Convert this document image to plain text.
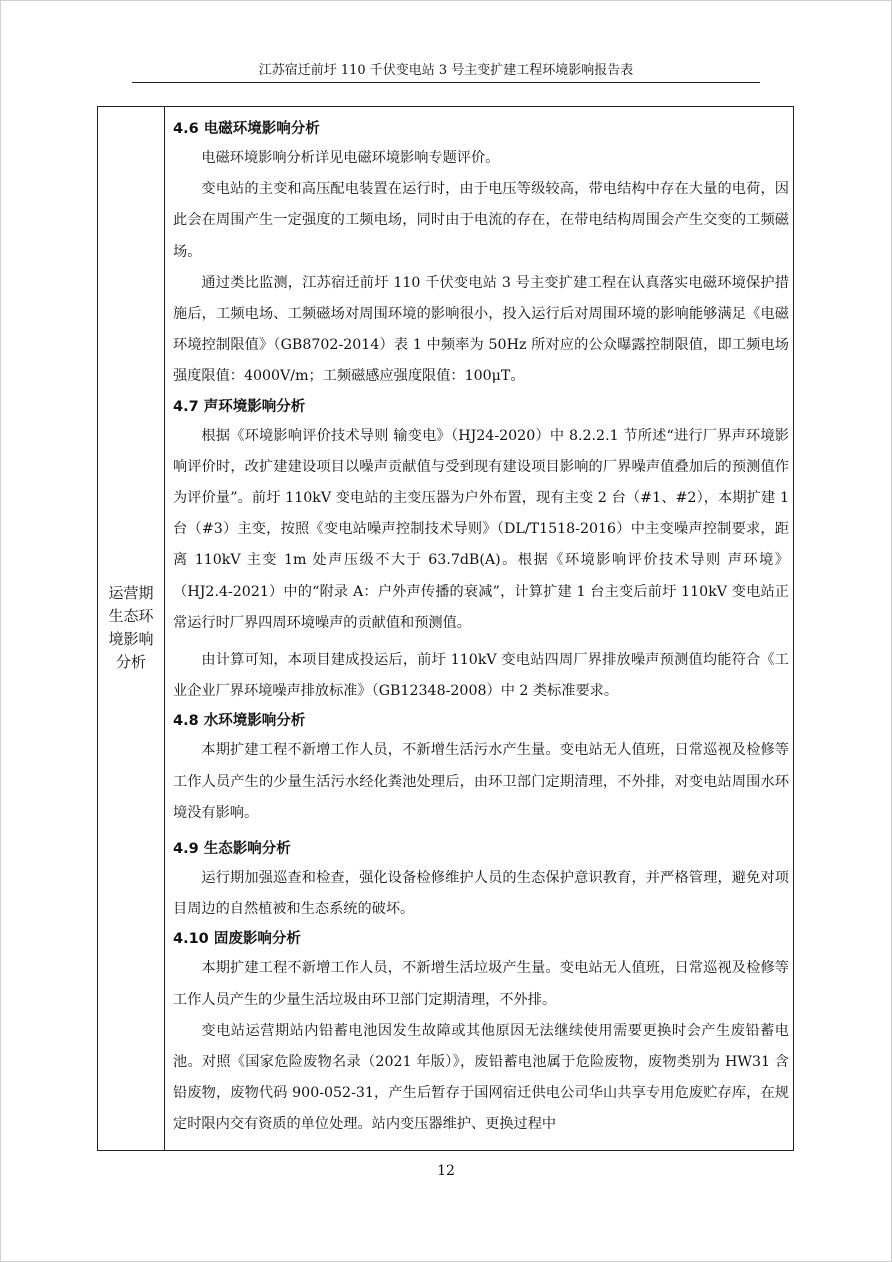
江苏宿迁前圩 110 千伏变电站 3 号主变扩建工程环境影响报告表
运营期
生态环
境影响
分析
4.6 电磁环境影响分析

电磁环境影响分析详见电磁环境影响专题评价。

变电站的主变和高压配电装置在运行时，由于电压等级较高，带电结构中存在大量的电荷，因此会在周围产生一定强度的工频电场，同时由于电流的存在，在带电结构周围会产生交变的工频磁场。

通过类比监测，江苏宿迁前圩 110 千伏变电站 3 号主变扩建工程在认真落实电磁环境保护措施后，工频电场、工频磁场对周围环境的影响很小，投入运行后对周围环境的影响能够满足《电磁环境控制限值》（GB8702-2014）表 1 中频率为 50Hz 所对应的公众曝露控制限值，即工频电场强度限值：4000V/m；工频磁感应强度限值：100μT。

4.7 声环境影响分析

根据《环境影响评价技术导则 输变电》（HJ24-2020）中 8.2.2.1 节所述“进行厂界声环境影响评价时，改扩建建设项目以噪声贡献值与受到现有建设项目影响的厂界噪声值叠加后的预测值作为评价量”。前圩 110kV 变电站的主变压器为户外布置，现有主变 2 台（#1、#2），本期扩建 1 台（#3）主变，按照《变电站噪声控制技术导则》（DL/T1518-2016）中主变噪声控制要求，距离 110kV 主变 1m 处声压级不大于 63.7dB(A)。根据《环境影响评价技术导则 声环境》（HJ2.4-2021）中的“附录 A：户外声传播的衰减”，计算扩建 1 台主变后前圩 110kV 变电站正常运行时厂界四周环境噪声的贡献值和预测值。

由计算可知，本项目建成投运后，前圩 110kV 变电站四周厂界排放噪声预测值均能符合《工业企业厂界环境噪声排放标准》（GB12348-2008）中 2 类标准要求。

4.8 水环境影响分析

本期扩建工程不新增工作人员，不新增生活污水产生量。变电站无人值班，日常巡视及检修等工作人员产生的少量生活污水经化粪池处理后，由环卫部门定期清理，不外排，对变电站周围水环境没有影响。

4.9 生态影响分析

运行期加强巡查和检查，强化设备检修维护人员的生态保护意识教育，并严格管理，避免对项目周边的自然植被和生态系统的破坏。

4.10 固废影响分析

本期扩建工程不新增工作人员，不新增生活垃圾产生量。变电站无人值班，日常巡视及检修等工作人员产生的少量生活垃圾由环卫部门定期清理，不外排。

变电站运营期站内铅蓄电池因发生故障或其他原因无法继续使用需要更换时会产生废铅蓄电池。对照《国家危险废物名录（2021 年版）》，废铅蓄电池属于危险废物，废物类别为 HW31 含铅废物，废物代码 900-052-31，产生后暂存于国网宿迁供电公司华山共享专用危废贮存库，在规定时限内交有资质的单位处理。站内变压器维护、更换过程中

12
